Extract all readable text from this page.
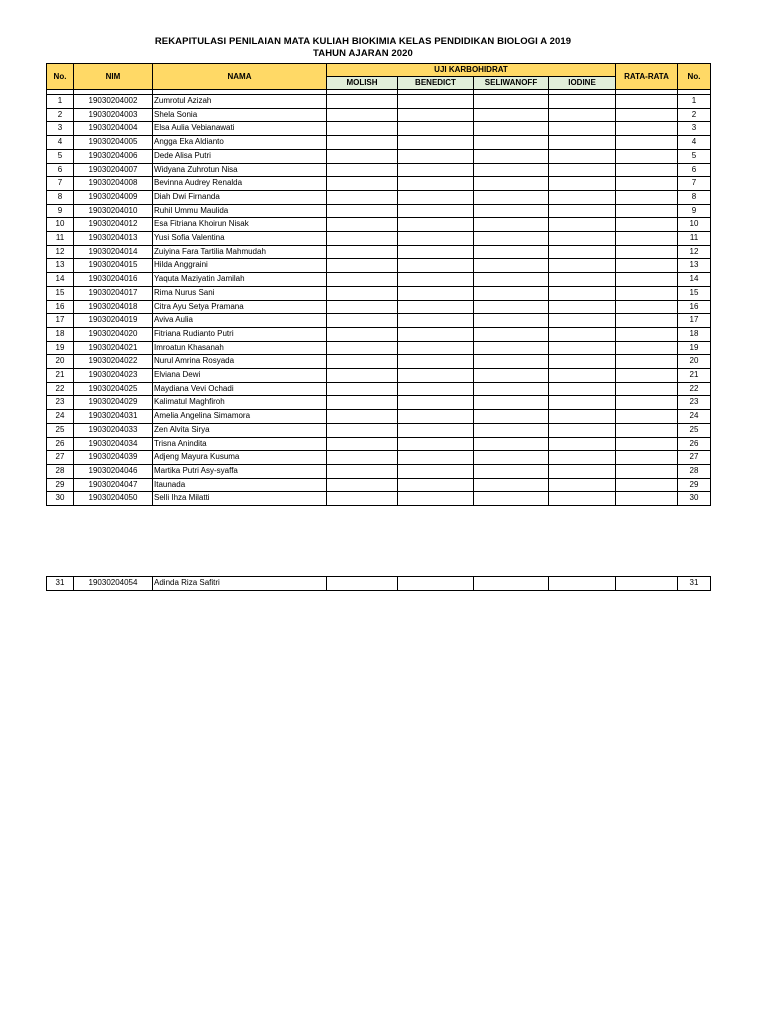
REKAPITULASI PENILAIAN MATA KULIAH BIOKIMIA KELAS PENDIDIKAN BIOLOGI A 2019
TAHUN AJARAN 2020
No.	NIM	NAMA	UJI KARBOHIDRAT				RATA-RATA	No.
			MOLISH	BENEDICT	SELIWANOFF	IODINE		

1	19030204002	Zumrotul Azizah						1
2	19030204003	Shela Sonia						2
3	19030204004	Elsa Aulia Vebianawati						3
4	19030204005	Angga Eka Aldianto						4
5	19030204006	Dede Alisa Putri						5
6	19030204007	Widyana Zuhrotun Nisa						6
7	19030204008	Bevinna Audrey Renalda						7
8	19030204009	Diah Dwi Firnanda						8
9	19030204010	Ruhil Ummu Maulida						9
10	19030204012	Esa Fitriana Khoirun Nisak						10
11	19030204013	Yusi Sofia Valentina						11
12	19030204014	Zuiyina Fara Tartilia Mahmudah						12
13	19030204015	Hilda Anggraini						13
14	19030204016	Yaquta Maziyatin Jamilah						14
15	19030204017	Rima Nurus Sani						15
16	19030204018	Citra Ayu Setya Pramana						16
17	19030204019	Aviva Aulia						17
18	19030204020	Fitriana Rudianto Putri						18
19	19030204021	Imroatun Khasanah						19
20	19030204022	Nurul Amrina Rosyada						20
21	19030204023	Elviana Dewi						21
22	19030204025	Maydiana Vevi Ochadi						22
23	19030204029	Kalimatul Maghfiroh						23
24	19030204031	Amelia Angelina Simamora						24
25	19030204033	Zen Alvita Sirya						25
26	19030204034	Trisna Anindita						26
27	19030204039	Adjeng Mayura Kusuma						27
28	19030204046	Martika Putri Asy-syaffa						28
29	19030204047	Itaunada						29
30	19030204050	Selli Ihza Milatti						30
31	19030204054	Adinda Riza Safitri						31
